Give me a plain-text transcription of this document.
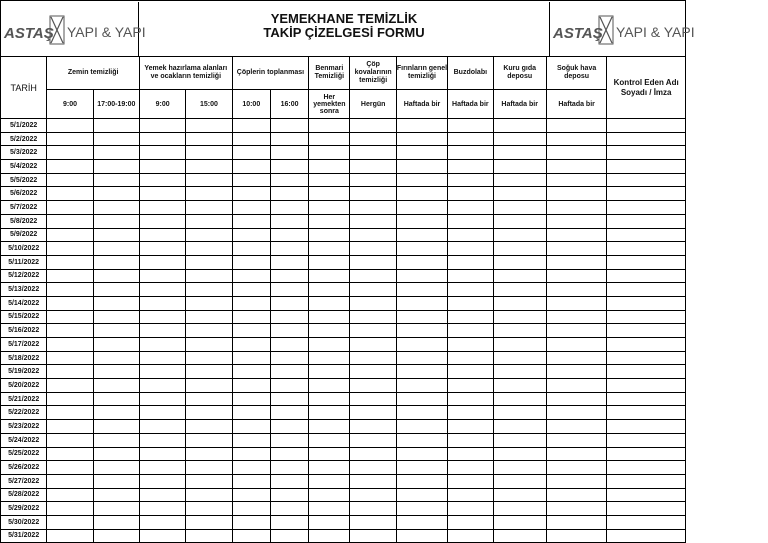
ASTAŞ YAPI & YAPI
YEMEKHANE TEMİZLİK
TAKİP ÇİZELGESİ FORMU	ASTAŞ YAPI & YAPI
TARİH	Zemin temizliği		Yemek hazırlama alanları ve ocakların temizliği		Çöplerin toplanması		Benmari Temizliği	Çöp kovalarının temizliği	Fırınların genel temizliği	Buzdolabı	Kuru gıda deposu	Soğuk hava deposu	Kontrol Eden Adı Soyadı / İmza
	9:00	17:00-19:00	9:00	15:00	10:00	16:00	Her yemekten sonra	Hergün	Haftada bir	Haftada bir	Haftada bir	Haftada bir	
5/1/2022													
5/2/2022													
5/3/2022													
5/4/2022													
5/5/2022													
5/6/2022													
5/7/2022													
5/8/2022													
5/9/2022													
5/10/2022													
5/11/2022													
5/12/2022													
5/13/2022													
5/14/2022													
5/15/2022													
5/16/2022													
5/17/2022													
5/18/2022													
5/19/2022													
5/20/2022													
5/21/2022													
5/22/2022													
5/23/2022													
5/24/2022													
5/25/2022													
5/26/2022													
5/27/2022													
5/28/2022													
5/29/2022													
5/30/2022													
5/31/2022													
